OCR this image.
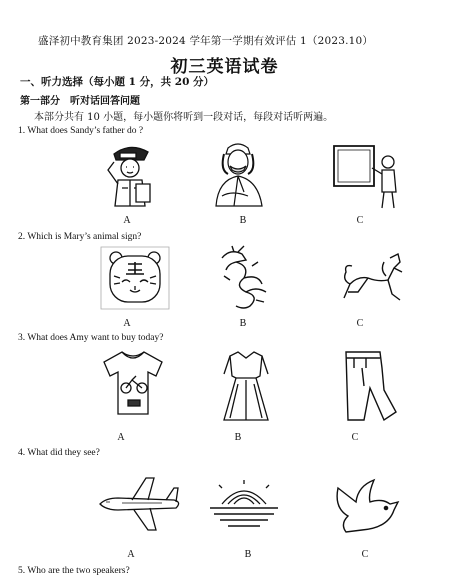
盛泽初中教育集团 2023-2024 学年第一学期有效评估 1（2023.10）
初三英语试卷
一、听力选择（每小题 1 分，共 20 分）
第一部分　听对话回答问题
本部分共有 10 小题，每小题你将听到一段对话，每段对话听两遍。
1. What does Sandy’s father do ?
A	B	C
2. Which is Mary’s animal sign?
A	B	C
3. What does Amy want to buy today?
A	B	C
4. What did they see?
A	B	C
5. Who are the two speakers?
